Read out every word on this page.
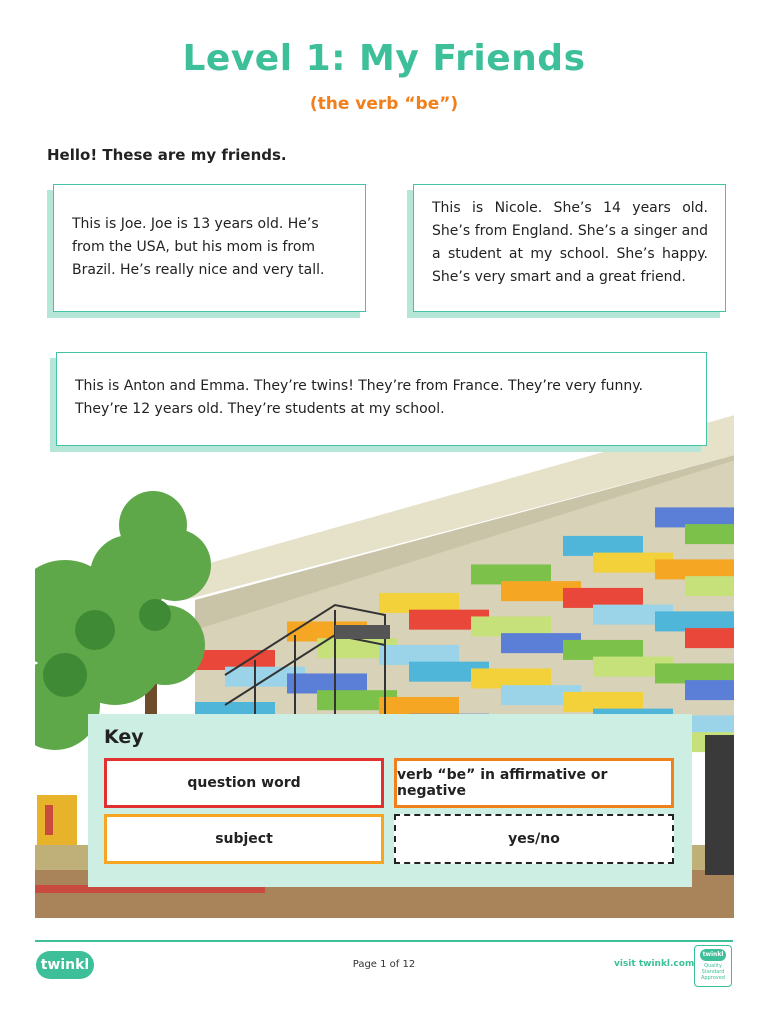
Level 1: My Friends
(the verb “be”)
Hello! These are my friends.

This is Joe. Joe is 13 years old. He’s from the USA, but his mom is from Brazil. He’s really nice and very tall.

This is Nicole. She’s 14 years old. She’s from England. She’s a singer and a student at my school. She’s happy. She’s very smart and a great friend.

This is Anton and Emma. They’re twins! They’re from France. They’re very funny. They’re 12 years old. They’re students at my school.

Key
question word	verb “be” in affirmative or negative
subject	yes/no
twinkl	Page 1 of 12	visit twinkl.com
twinkl
Quality Standard Approved
